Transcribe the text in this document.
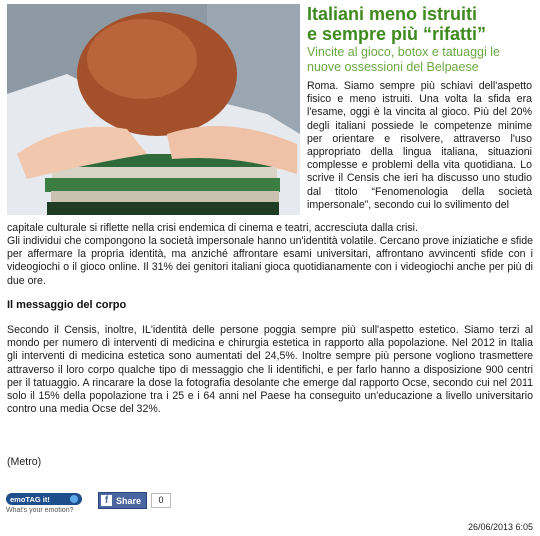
Italiani meno istruiti
e sempre più “rifatti”

Vincite al gioco, botox e tatuaggi le nuove ossessioni del Belpaese

Roma. Siamo sempre più schiavi dell'aspetto fisico e meno istruiti. Una volta la sfida era l'esame, oggi è la vincita al gioco. Più del 20% degli italiani possiede le competenze minime per orientare e risolvere, attraverso l'uso appropriato della lingua italiana, situazioni complesse e problemi della vita quotidiana. Lo scrive il Censis che ieri ha discusso uno studio dal titolo “Fenomenologia della società impersonale”, secondo cui lo svilimento del

capitale culturale si riflette nella crisi endemica di cinema e teatri, accresciuta dalla crisi.

Gli individui che compongono la società impersonale hanno un'identità volatile. Cercano prove iniziatiche e sfide per affermare la propria identità, ma anziché affrontare esami universitari, affrontano avvincenti sfide con i videogiochi o il gioco online. Il 31% dei genitori italiani gioca quotidianamente con i videogiochi anche per più di due ore.

Il messaggio del corpo

Secondo il Censis, inoltre, IL'identità delle persone poggia sempre più sull'aspetto estetico. Siamo terzi al mondo per numero di interventi di medicina e chirurgia estetica in rapporto alla popolazione. Nel 2012 in Italia gli interventi di medicina estetica sono aumentati del 24,5%. Inoltre sempre più persone vogliono trasmettere attraverso il loro corpo qualche tipo di messaggio che li identifichi, e per farlo hanno a disposizione 900 centri per il tatuaggio. A rincarare la dose la fotografia desolante che emerge dal rapporto Ocse, secondo cui nel 2011 solo il 15% della popolazione tra i 25 e i 64 anni nel Paese ha conseguito un'educazione a livello universitario contro una media Ocse del 32%.

(Metro)

emoTAG it!
What's your emotion?
f Share	0

26/06/2013 6:05
